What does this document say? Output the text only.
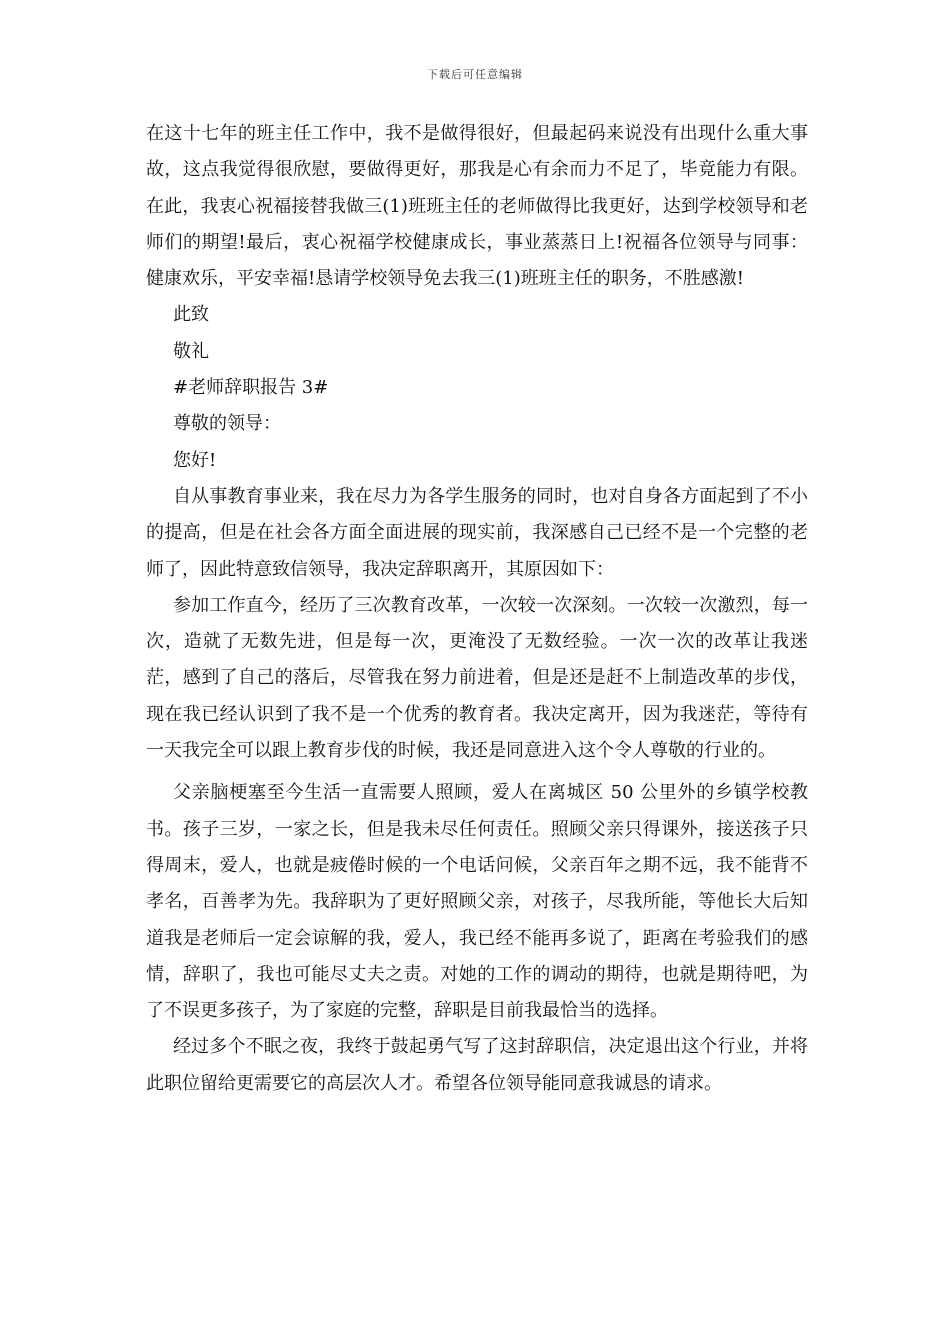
下载后可任意编辑

在这十七年的班主任工作中，我不是做得很好，但最起码来说没有出现什么重大事故，这点我觉得很欣慰，要做得更好，那我是心有余而力不足了，毕竟能力有限。在此，我衷心祝福接替我做三(1)班班主任的老师做得比我更好，达到学校领导和老师们的期望!最后，衷心祝福学校健康成长，事业蒸蒸日上!祝福各位领导与同事：健康欢乐，平安幸福!恳请学校领导免去我三(1)班班主任的职务，不胜感激!

此致

敬礼

#老师辞职报告 3#

尊敬的领导：

您好!

自从事教育事业来，我在尽力为各学生服务的同时，也对自身各方面起到了不小的提高，但是在社会各方面全面进展的现实前，我深感自己已经不是一个完整的老师了，因此特意致信领导，我决定辞职离开，其原因如下：

参加工作直今，经历了三次教育改革，一次较一次深刻。一次较一次激烈，每一次，造就了无数先进，但是每一次，更淹没了无数经验。一次一次的改革让我迷茫，感到了自己的落后，尽管我在努力前进着，但是还是赶不上制造改革的步伐，现在我已经认识到了我不是一个优秀的教育者。我决定离开，因为我迷茫，等待有一天我完全可以跟上教育步伐的时候，我还是同意进入这个令人尊敬的行业的。

父亲脑梗塞至今生活一直需要人照顾，爱人在离城区 50 公里外的乡镇学校教书。孩子三岁，一家之长，但是我未尽任何责任。照顾父亲只得课外，接送孩子只得周末，爱人，也就是疲倦时候的一个电话问候，父亲百年之期不远，我不能背不孝名，百善孝为先。我辞职为了更好照顾父亲，对孩子，尽我所能，等他长大后知道我是老师后一定会谅解的我，爱人，我已经不能再多说了，距离在考验我们的感情，辞职了，我也可能尽丈夫之责。对她的工作的调动的期待，也就是期待吧，为了不误更多孩子，为了家庭的完整，辞职是目前我最恰当的选择。

经过多个不眠之夜，我终于鼓起勇气写了这封辞职信，决定退出这个行业，并将此职位留给更需要它的高层次人才。希望各位领导能同意我诚恳的请求。
